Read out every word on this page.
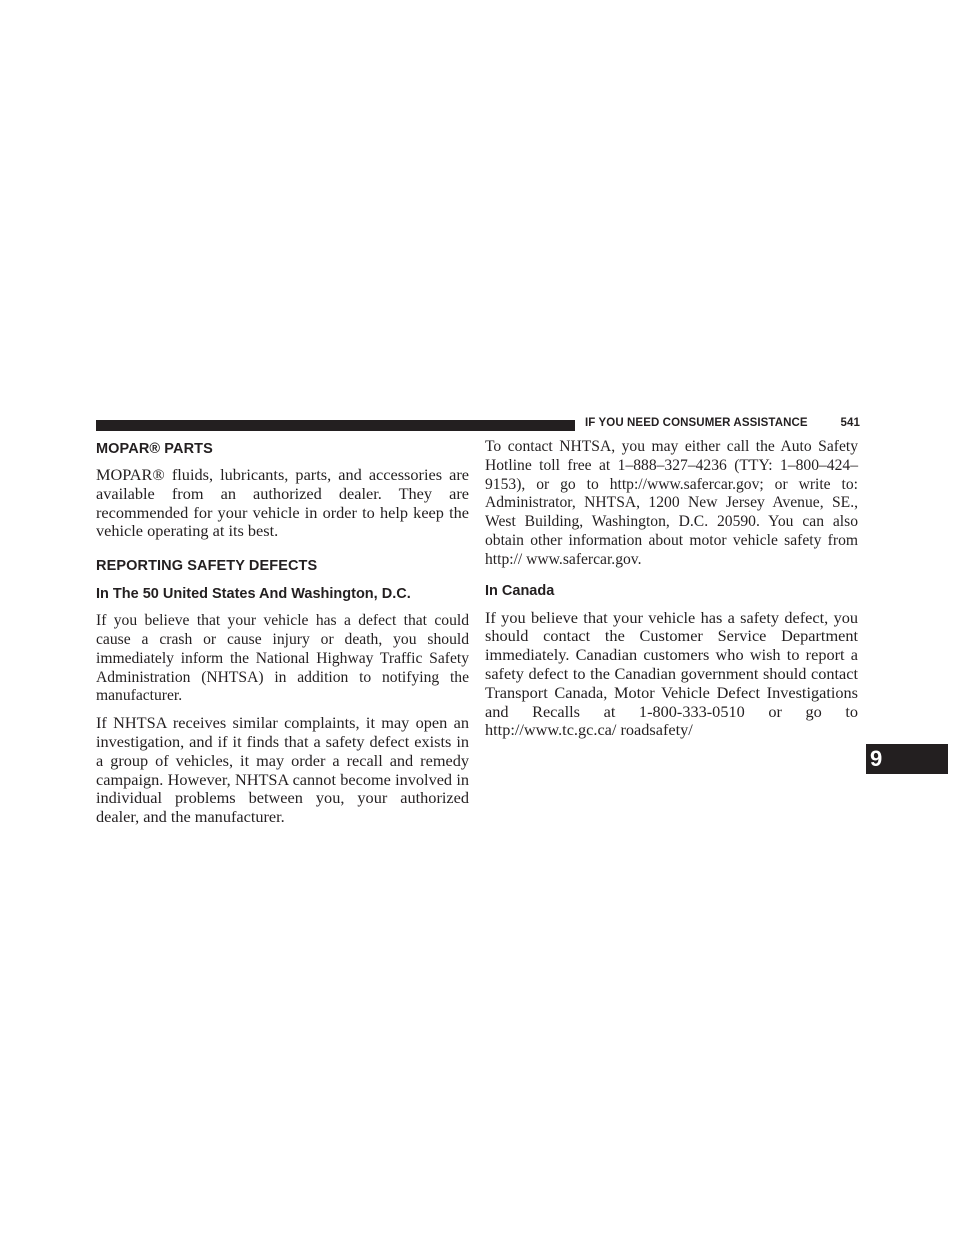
IF YOU NEED CONSUMER ASSISTANCE	541
MOPAR® PARTS

MOPAR® fluids, lubricants, parts, and accessories are available from an authorized dealer. They are recommended for your vehicle in order to help keep the vehicle operating at its best.

REPORTING SAFETY DEFECTS
In The 50 United States And Washington, D.C.

If you believe that your vehicle has a defect that could cause a crash or cause injury or death, you should immediately inform the National Highway Traffic Safety Administration (NHTSA) in addition to notifying the manufacturer.

If NHTSA receives similar complaints, it may open an investigation, and if it finds that a safety defect exists in a group of vehicles, it may order a recall and remedy campaign. However, NHTSA cannot become involved in individual problems between you, your authorized dealer, and the manufacturer.

To contact NHTSA, you may either call the Auto Safety Hotline toll free at 1–888–327–4236 (TTY: 1–800–424– 9153), or go to http://www.safercar.gov; or write to: Administrator, NHTSA, 1200 New Jersey Avenue, SE., West Building, Washington, D.C. 20590. You can also obtain other information about motor vehicle safety from http:// www.safercar.gov.

In Canada

If you believe that your vehicle has a safety defect, you should contact the Customer Service Department immediately. Canadian customers who wish to report a safety defect to the Canadian government should contact Transport Canada, Motor Vehicle Defect Investigations and Recalls at 1-800-333-0510 or go to http://www.tc.gc.ca/ roadsafety/

9
